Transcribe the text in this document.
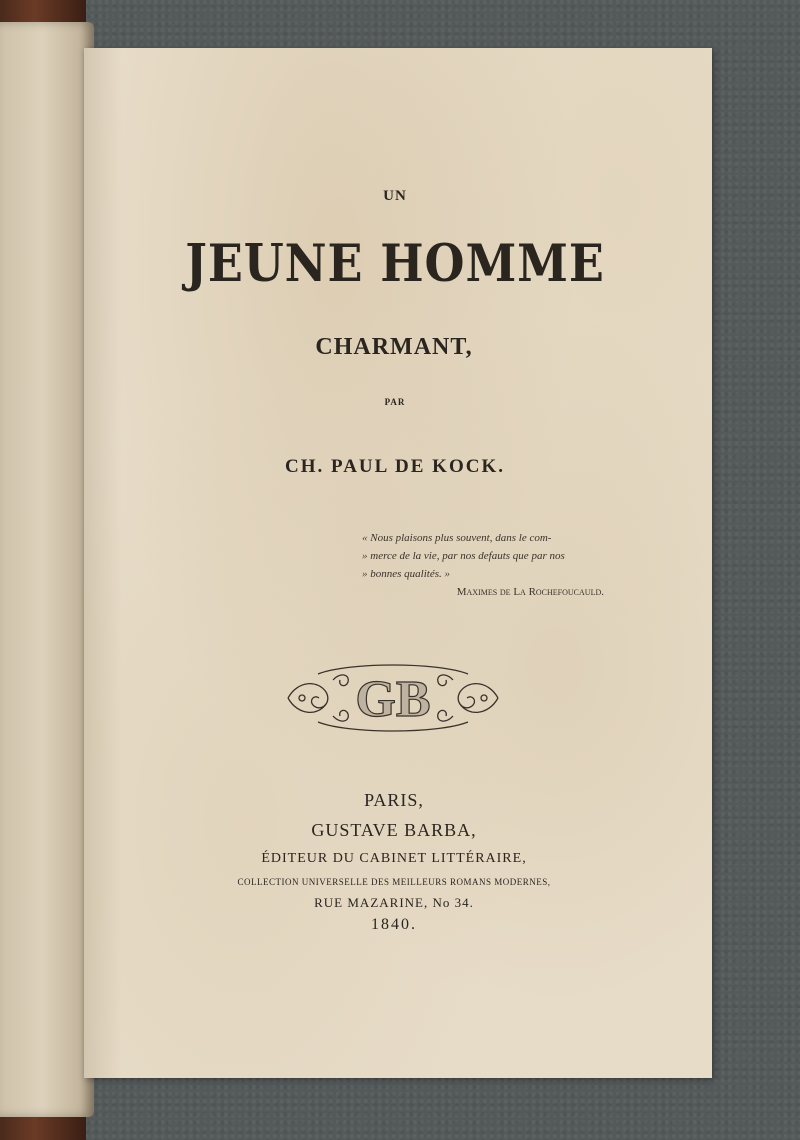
UN
JEUNE HOMME
CHARMANT,
PAR
CH. PAUL DE KOCK.
« Nous plaisons plus souvent, dans le com-
» merce de la vie, par nos defauts que par nos
» bonnes qualités. »
Maximes de La Rochefoucauld.
GB
PARIS,
GUSTAVE BARBA,
ÉDITEUR DU CABINET LITTÉRAIRE,
COLLECTION UNIVERSELLE DES MEILLEURS ROMANS MODERNES,
RUE MAZARINE, No 34.
1840.
